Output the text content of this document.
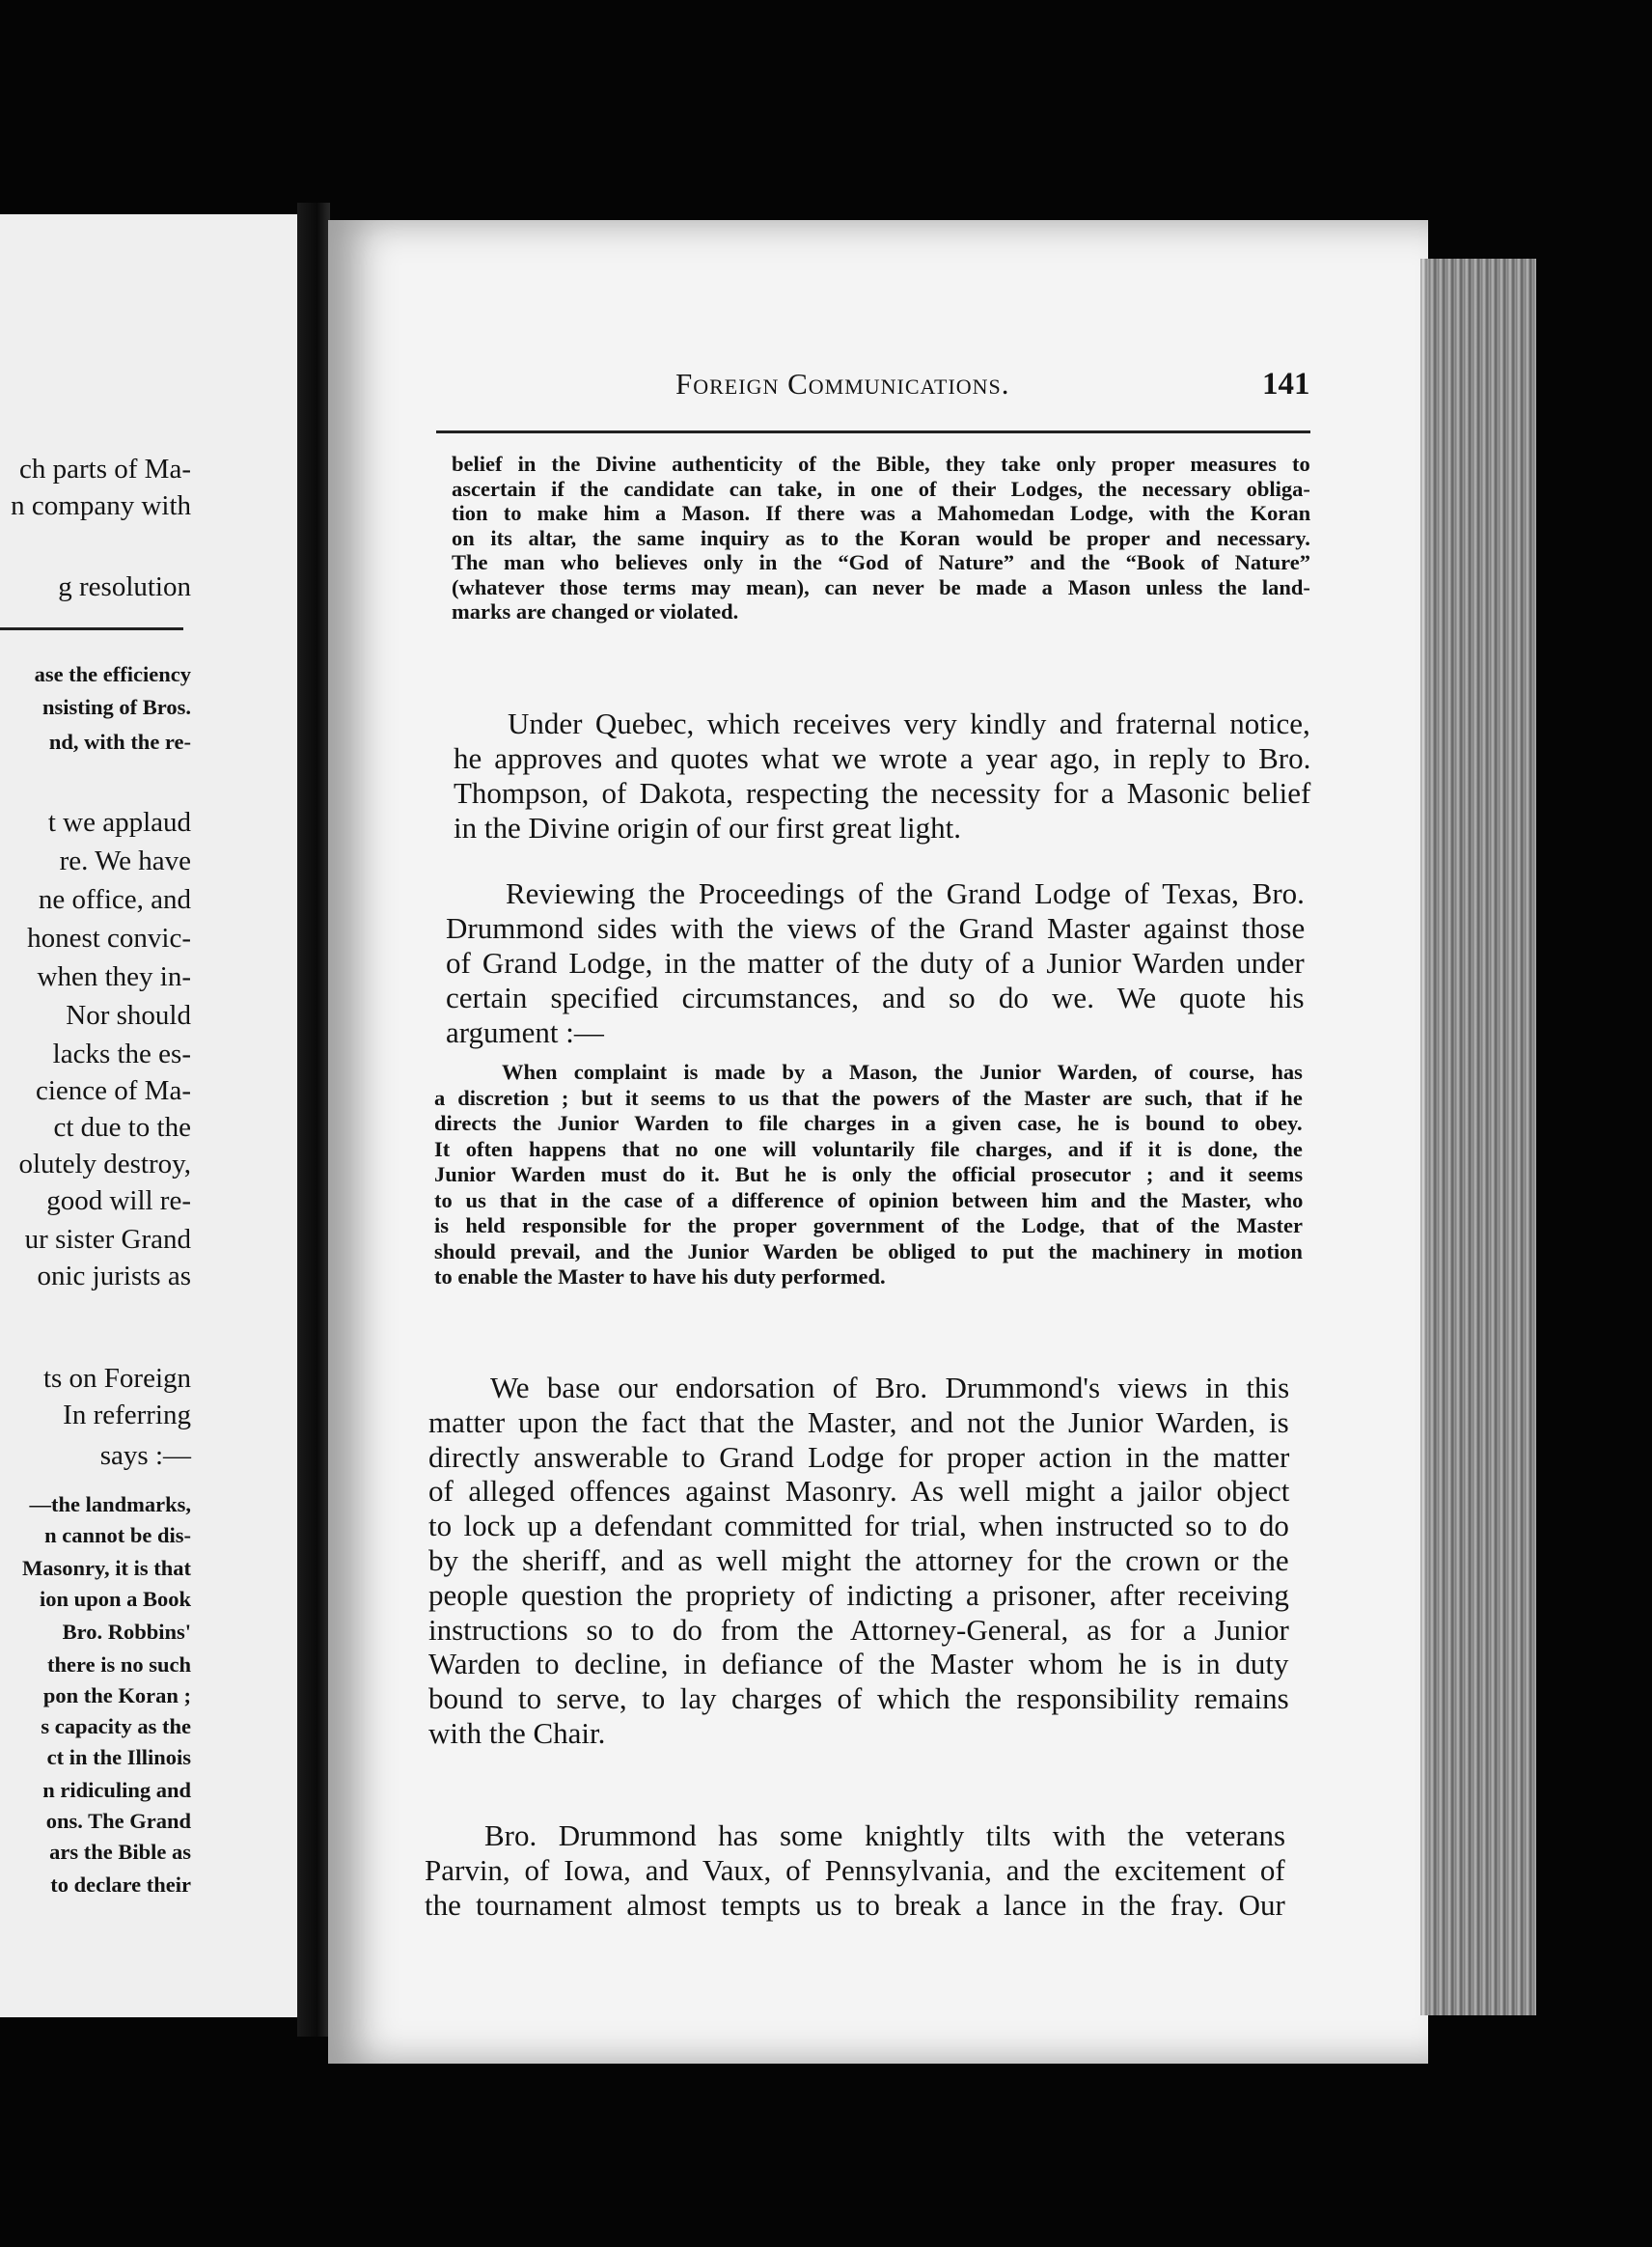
ch parts of Ma-
n company with
g resolution
ase the efficiency
nsisting of Bros.
nd, with the re-
t we applaud
re. We have
ne office, and
honest convic-
when they in-
Nor should
lacks the es-
cience of Ma-
ct due to the
olutely destroy,
good will re-
ur sister Grand
onic jurists as
ts on Foreign
In referring
says :—
—the landmarks,
n cannot be dis-
Masonry, it is that
ion upon a Book
Bro. Robbins'
there is no such
pon the Koran ;
s capacity as the
ct in the Illinois
n ridiculing and
ons. The Grand
ars the Bible as
to declare their
Foreign Communications.	141
belief in the Divine authenticity of the Bible, they take only proper measures to
ascertain if the candidate can take, in one of their Lodges, the necessary obliga-
tion to make him a Mason. If there was a Mahomedan Lodge, with the Koran
on its altar, the same inquiry as to the Koran would be proper and necessary.
The man who believes only in the “God of Nature” and the “Book of Nature”
(whatever those terms may mean), can never be made a Mason unless the land-
marks are changed or violated.
Under Quebec, which receives very kindly and fraternal notice,
he approves and quotes what we wrote a year ago, in reply to Bro.
Thompson, of Dakota, respecting the necessity for a Masonic belief
in the Divine origin of our first great light.
Reviewing the Proceedings of the Grand Lodge of Texas, Bro.
Drummond sides with the views of the Grand Master against those
of Grand Lodge, in the matter of the duty of a Junior Warden under
certain specified circumstances, and so do we. We quote his
argument :—
When complaint is made by a Mason, the Junior Warden, of course, has
a discretion ; but it seems to us that the powers of the Master are such, that if he
directs the Junior Warden to file charges in a given case, he is bound to obey.
It often happens that no one will voluntarily file charges, and if it is done, the
Junior Warden must do it. But he is only the official prosecutor ; and it seems
to us that in the case of a difference of opinion between him and the Master, who
is held responsible for the proper government of the Lodge, that of the Master
should prevail, and the Junior Warden be obliged to put the machinery in motion
to enable the Master to have his duty performed.
We base our endorsation of Bro. Drummond's views in this
matter upon the fact that the Master, and not the Junior Warden, is
directly answerable to Grand Lodge for proper action in the matter
of alleged offences against Masonry. As well might a jailor object
to lock up a defendant committed for trial, when instructed so to do
by the sheriff, and as well might the attorney for the crown or the
people question the propriety of indicting a prisoner, after receiving
instructions so to do from the Attorney-General, as for a Junior
Warden to decline, in defiance of the Master whom he is in duty
bound to serve, to lay charges of which the responsibility remains
with the Chair.
Bro. Drummond has some knightly tilts with the veterans
Parvin, of Iowa, and Vaux, of Pennsylvania, and the excitement of
the tournament almost tempts us to break a lance in the fray. Our
